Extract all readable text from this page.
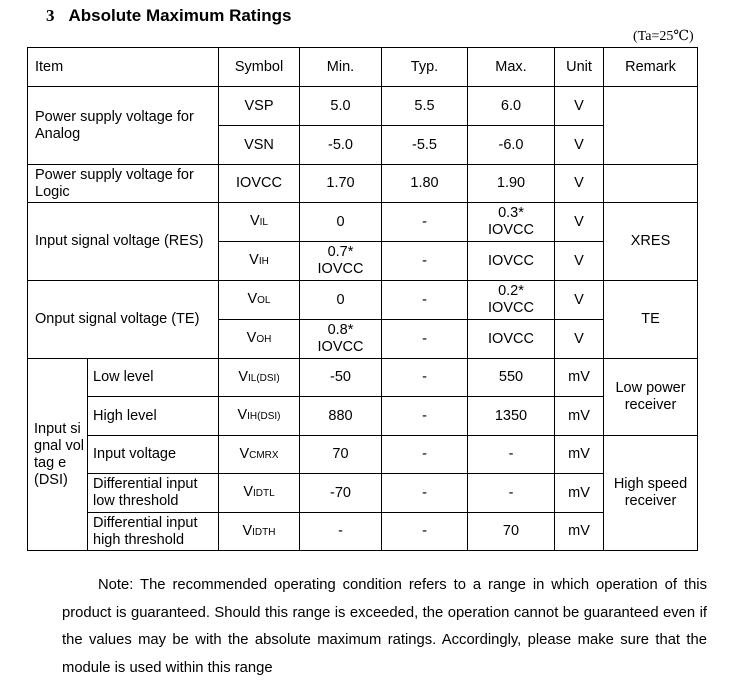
3 Absolute Maximum Ratings
(Ta=25℃)
Item		Symbol	Min.	Typ.	Max.	Unit	Remark
Power supply voltage for Analog		VSP	5.0	5.5	6.0	V	
		VSN	-5.0	-5.5	-6.0	V	
Power supply voltage for Logic		IOVCC	1.70	1.80	1.90	V	
Input signal voltage (RES)		VIL	0	-	0.3* IOVCC	V	XRES
		VIH	0.7* IOVCC	-	IOVCC	V	
Onput signal voltage (TE)		VOL	0	-	0.2* IOVCC	V	TE
		VOH	0.8* IOVCC	-	IOVCC	V	
Input signal voltag e (DSI)	Low level	VIL(DSI)	-50	-	550	mV	Low power receiver
	High level	VIH(DSI)	880	-	1350	mV	
	Input voltage	VCMRX	70	-	-	mV	High speed receiver
	Differential input low threshold	VIDTL	-70	-	-	mV	
	Differential input high threshold	VIDTH	-	-	70	mV	
Note: The recommended operating condition refers to a range in which operation of this product is guaranteed. Should this range is exceeded, the operation cannot be guaranteed even if the values may be with the absolute maximum ratings. Accordingly, please make sure that the module is used within this range
